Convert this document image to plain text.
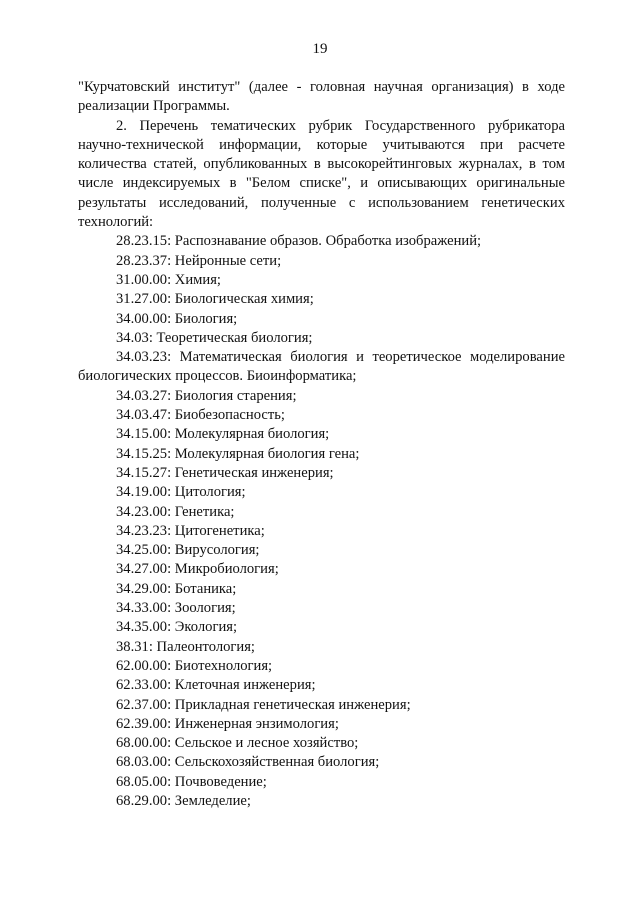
19

"Курчатовский институт" (далее - головная научная организация) в ходе реализации Программы.

2. Перечень тематических рубрик Государственного рубрикатора научно-технической информации, которые учитываются при расчете количества статей, опубликованных в высокорейтинговых журналах, в том числе индексируемых в "Белом списке", и описывающих оригинальные результаты исследований, полученные с использованием генетических технологий:

28.23.15: Распознавание образов. Обработка изображений;
28.23.37: Нейронные сети;
31.00.00: Химия;
31.27.00: Биологическая химия;
34.00.00: Биология;
34.03: Теоретическая биология;
34.03.23: Математическая биология и теоретическое моделирование биологических процессов. Биоинформатика;
34.03.27: Биология старения;
34.03.47: Биобезопасность;
34.15.00: Молекулярная биология;
34.15.25: Молекулярная биология гена;
34.15.27: Генетическая инженерия;
34.19.00: Цитология;
34.23.00: Генетика;
34.23.23: Цитогенетика;
34.25.00: Вирусология;
34.27.00: Микробиология;
34.29.00: Ботаника;
34.33.00: Зоология;
34.35.00: Экология;
38.31: Палеонтология;
62.00.00: Биотехнология;
62.33.00: Клеточная инженерия;
62.37.00: Прикладная генетическая инженерия;
62.39.00: Инженерная энзимология;
68.00.00: Сельское и лесное хозяйство;
68.03.00: Сельскохозяйственная биология;
68.05.00: Почвоведение;
68.29.00: Земледелие;
